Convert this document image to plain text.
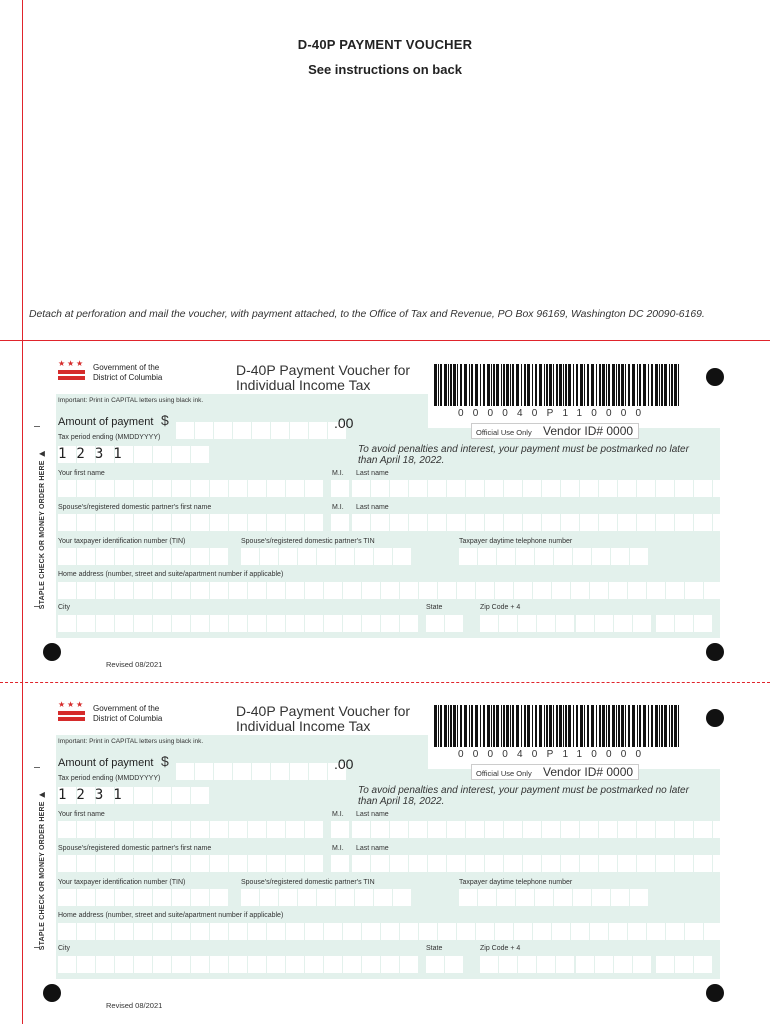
D-40P PAYMENT VOUCHER
See instructions on back
Detach at perforation and mail the voucher, with payment attached, to the Office of Tax and Revenue, PO Box 96169, Washington DC 20090-6169.
★ ★ ★ Government of the
District of Columbia	D-40P Payment Voucher for
Individual Income Tax
000040P110000
Important: Print in CAPITAL letters using black ink.
Amount of payment $	.00
Official Use Only Vendor ID# 0000
Tax period ending (MMDDYYYY)
1231	To avoid penalties and interest, your payment must be postmarked no later than April 18, 2022.
Your first name	M.I. Last name
Spouse's/registered domestic partner's first name	M.I. Last name
Your taxpayer identification number (TIN)	Spouse's/registered domestic partner's TIN	Taxpayer daytime telephone number
Home address (number, street and suite/apartment number if applicable)
City	State	Zip Code + 4
STAPLE CHECK OR MONEY ORDER HERE ▶
Revised 08/2021
★ ★ ★ Government of the
District of Columbia	D-40P Payment Voucher for
Individual Income Tax
000040P110000
Important: Print in CAPITAL letters using black ink.
Amount of payment $	.00
Official Use Only Vendor ID# 0000
Tax period ending (MMDDYYYY)
1231	To avoid penalties and interest, your payment must be postmarked no later than April 18, 2022.
Your first name	M.I. Last name
Spouse's/registered domestic partner's first name	M.I. Last name
Your taxpayer identification number (TIN)	Spouse's/registered domestic partner's TIN	Taxpayer daytime telephone number
Home address (number, street and suite/apartment number if applicable)
City	State	Zip Code + 4
STAPLE CHECK OR MONEY ORDER HERE ▶
Revised 08/2021
